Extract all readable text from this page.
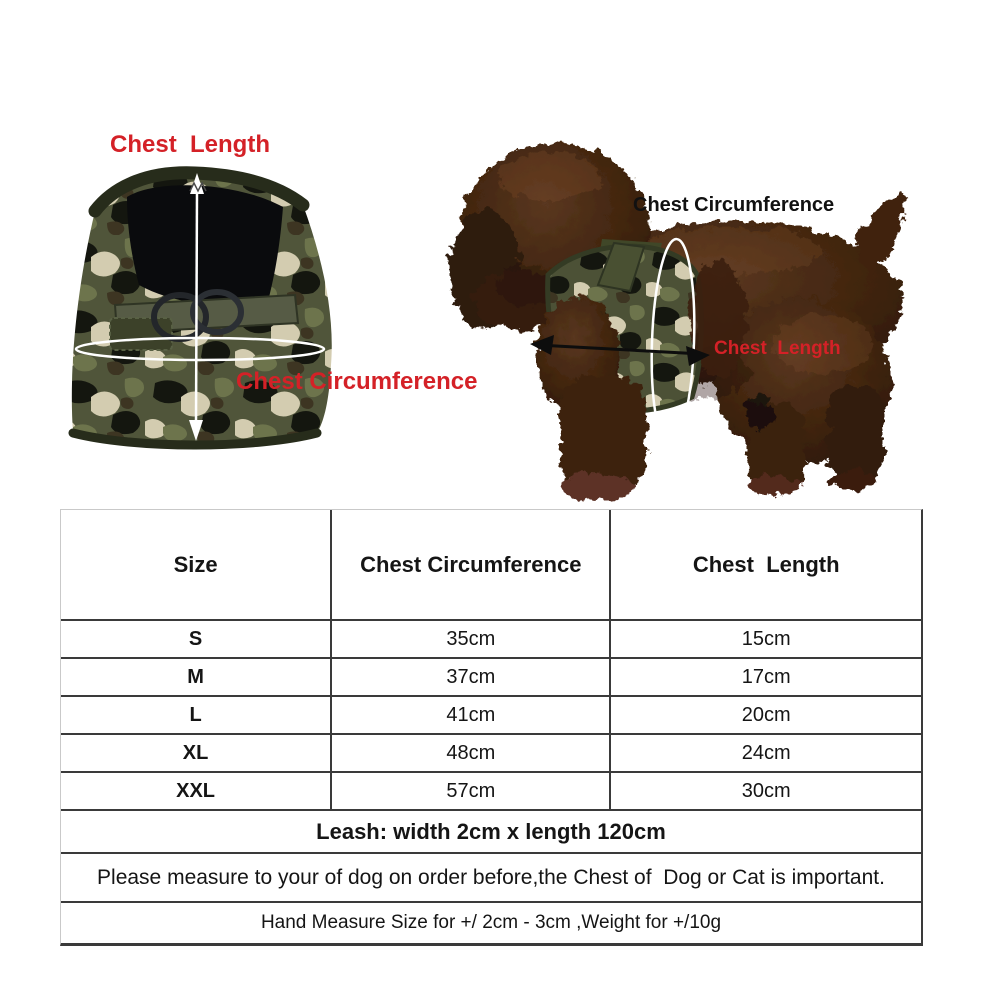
Chest  Length
Chest Circumference
Chest Circumference
Chest  Length
Size	Chest Circumference	Chest  Length
S	35cm	15cm
M	37cm	17cm
L	41cm	20cm
XL	48cm	24cm
XXL	57cm	30cm
Leash: width 2cm x length 120cm
Please measure to your of dog on order before,the Chest of  Dog or Cat is important.
Hand Measure Size for +/ 2cm - 3cm ,Weight for +/10g
